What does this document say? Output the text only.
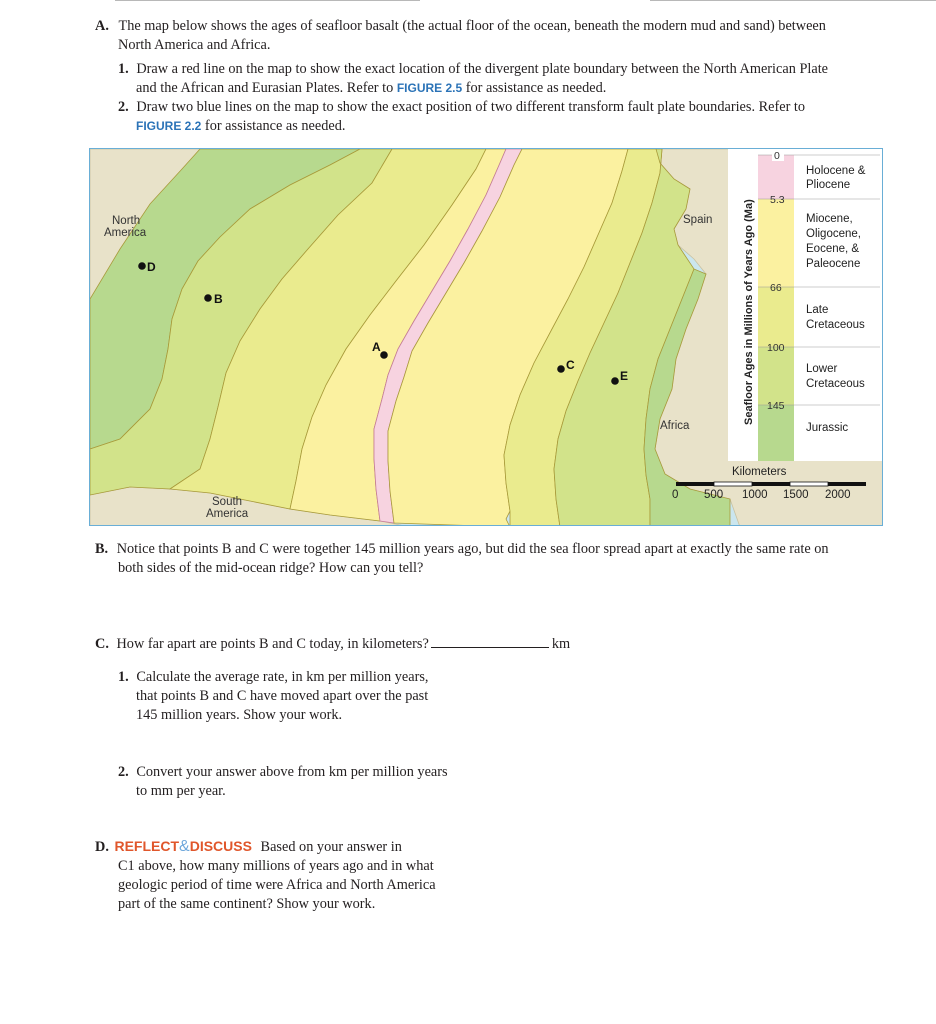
A. The map below shows the ages of seafloor basalt (the actual floor of the ocean, beneath the modern mud and sand) between
North America and Africa.
1. Draw a red line on the map to show the exact location of the divergent plate boundary between the North American Plate
and the African and Eurasian Plates. Refer to FIGURE 2.5 for assistance as needed.
2. Draw two blue lines on the map to show the exact position of two different transform fault plate boundaries. Refer to
FIGURE 2.2 for assistance as needed.
D
B
A
C
E
North
America
South
America
Spain
Africa
0
5.3
66
100
145
Seafloor Ages in Millions of Years Ago (Ma)
Holocene &
Pliocene
Miocene,
Oligocene,
Eocene, &
Paleocene
Late
Cretaceous
Lower
Cretaceous
Jurassic
Kilometers
0 500 1000 1500 2000
B. Notice that points B and C were together 145 million years ago, but did the sea floor spread apart at exactly the same rate on
both sides of the mid-ocean ridge? How can you tell?
C. How far apart are points B and C today, in kilometers?	km
1. Calculate the average rate, in km per million years,
that points B and C have moved apart over the past
145 million years. Show your work.
2. Convert your answer above from km per million years
to mm per year.
D. REFLECT&DISCUSS Based on your answer in
C1 above, how many millions of years ago and in what
geologic period of time were Africa and North America
part of the same continent? Show your work.
